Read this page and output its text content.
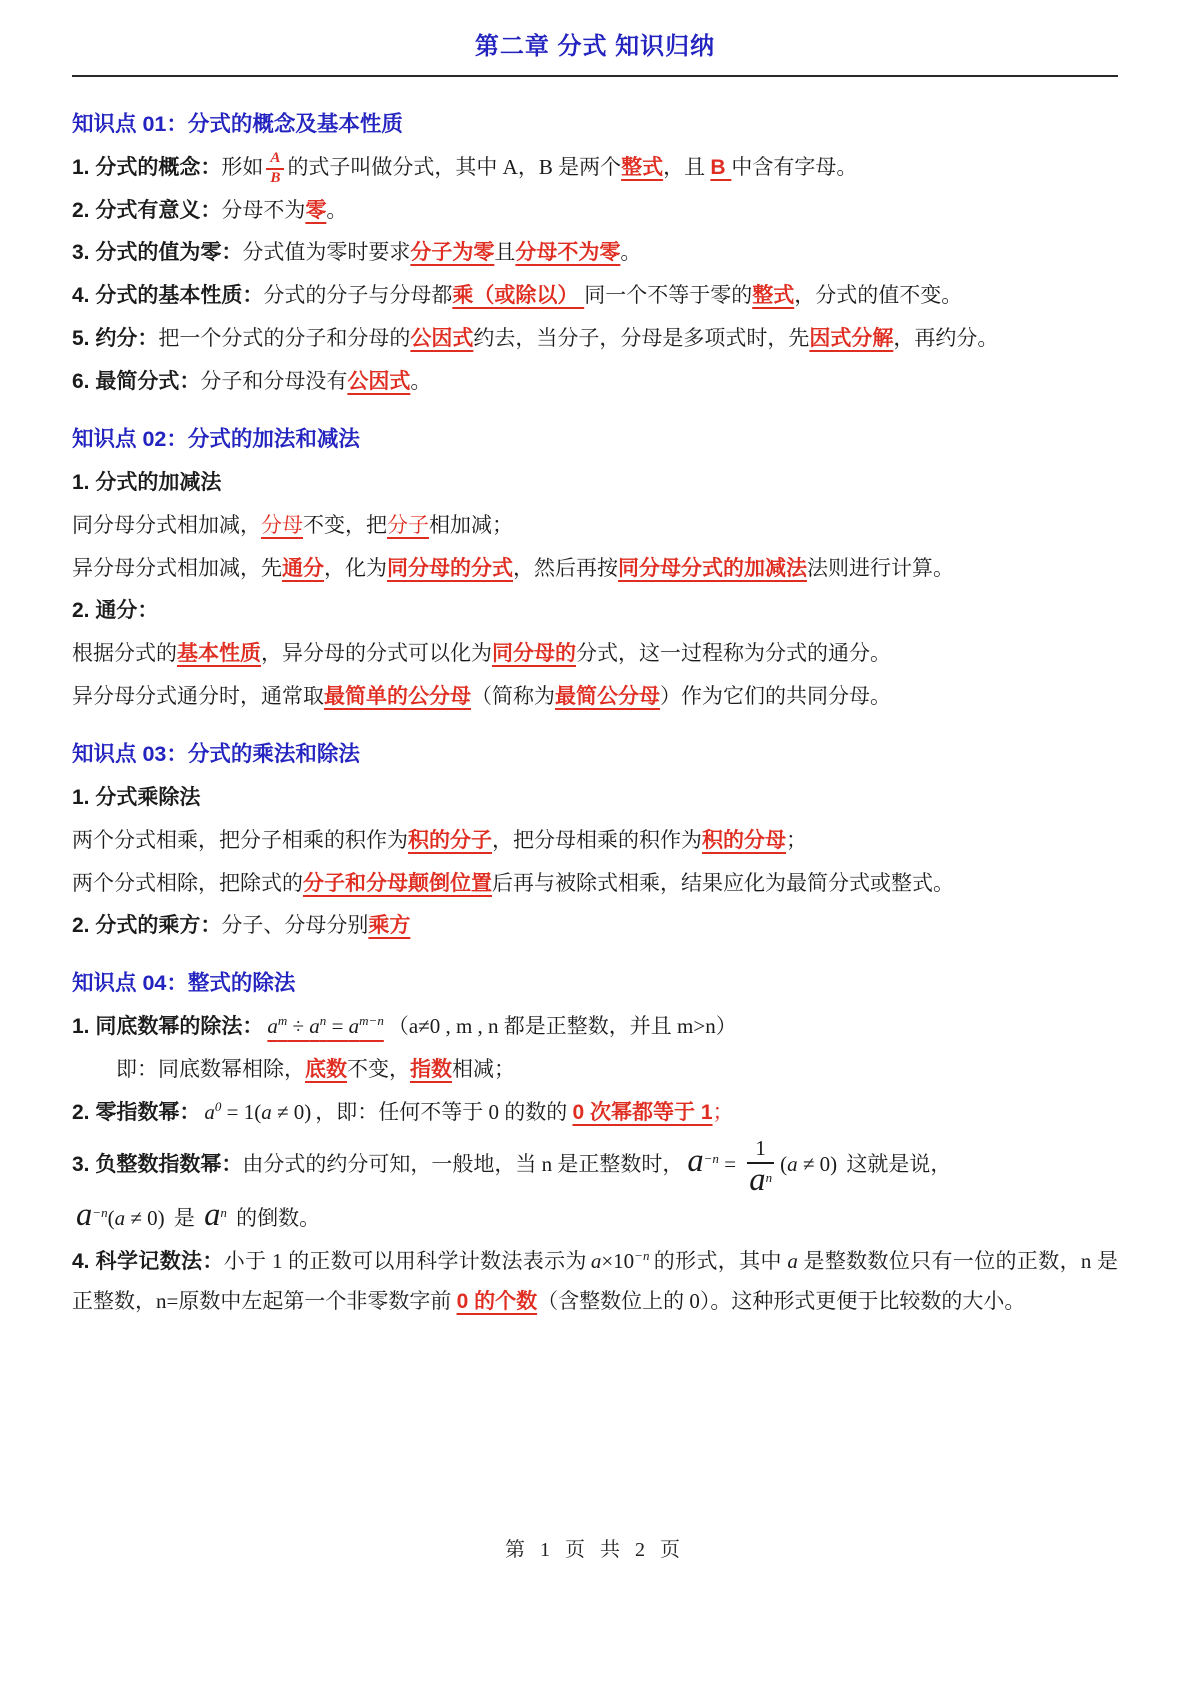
第二章 分式 知识归纳
知识点 01：分式的概念及基本性质

1. 分式的概念：形如 $\frac{A}{B}$ 的式子叫做分式，其中 A，B 是两个整式，且 B 中含有字母。

2. 分式有意义：分母不为零。

3. 分式的值为零：分式值为零时要求分子为零且分母不为零。

4. 分式的基本性质：分式的分子与分母都乘（或除以） 同一个不等于零的整式，分式的值不变。

5. 约分：把一个分式的分子和分母的公因式约去，当分子，分母是多项式时，先因式分解，再约分。

6. 最简分式：分子和分母没有公因式。

知识点 02：分式的加法和减法

1. 分式的加减法

同分母分式相加减，分母不变，把分子相加减；

异分母分式相加减，先通分，化为同分母的分式，然后再按同分母分式的加减法法则进行计算。

2. 通分：

根据分式的基本性质，异分母的分式可以化为同分母的分式，这一过程称为分式的通分。

异分母分式通分时，通常取最简单的公分母（简称为最简公分母）作为它们的共同分母。

知识点 03：分式的乘法和除法

1. 分式乘除法

两个分式相乘，把分子相乘的积作为积的分子，把分母相乘的积作为积的分母；

两个分式相除，把除式的分子和分母颠倒位置后再与被除式相乘，结果应化为最简分式或整式。

2. 分式的乘方：分子、分母分别乘方

知识点 04：整式的除法

1. 同底数幂的除法： $a^m \div a^n = a^{m-n}$ （a≠0 , m , n 都是正整数，并且 m>n）

即：同底数幂相除，底数不变，指数相减；

2. 零指数幂： $a^0 = 1(a \ne 0)$ ，即：任何不等于 0 的数的 0 次幂都等于 1；

3. 负整数指数幂：由分式的约分可知，一般地，当 n 是正整数时， $a^{-n} = \frac{1}{a^n} (a \ne 0)$ 这就是说，

$a^{-n}(a \ne 0)$ 是 $a^n$ 的倒数。

4. 科学记数法：小于 1 的正数可以用科学计数法表示为 $a\times 10^{-n}$ 的形式，其中 a 是整数数位只有一位的正数，n 是正整数，n=原数中左起第一个非零数字前 0 的个数（含整数位上的 0）。这种形式更便于比较数的大小。

第 1 页 共 2 页
